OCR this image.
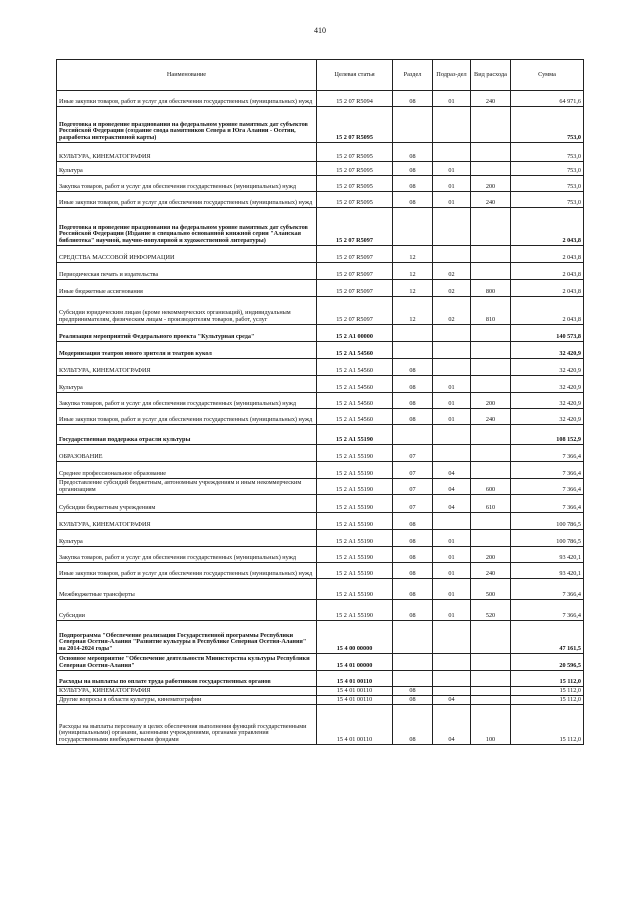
410
Наименование	Целевая статья	Раздел	Подраз-дел	Вид расхода	Сумма
Иные закупки товаров, работ и услуг для обеспечения государственных (муниципальных) нужд	15 2 07 R5094	08	01	240	64 971,6
Подготовка и проведение празднования на федеральном уровне памятных дат субъектов Российской Федерации (создание свода памятников Севера и Юга Алании - Осетии, разработка интерактивной карты)	15 2 07 R5095				753,0
КУЛЬТУРА, КИНЕМАТОГРАФИЯ	15 2 07 R5095	08			753,0
Культура	15 2 07 R5095	08	01		753,0
Закупка товаров, работ и услуг для обеспечения государственных (муниципальных) нужд	15 2 07 R5095	08	01	200	753,0
Иные закупки товаров, работ и услуг для обеспечения государственных (муниципальных) нужд	15 2 07 R5095	08	01	240	753,0
Подготовка и проведение празднования на федеральном уровне памятных дат субъектов Российской Федерации (Издание в специально основанной книжной серии "Аланская библиотека" научной, научно-популярной и художественной литературы)	15 2 07 R5097				2 043,8
СРЕДСТВА МАССОВОЙ ИНФОРМАЦИИ	15 2 07 R5097	12			2 043,8
Периодическая печать и издательства	15 2 07 R5097	12	02		2 043,8
Иные бюджетные ассигнования	15 2 07 R5097	12	02	800	2 043,8
Субсидии юридическим лицам (кроме некоммерческих организаций), индивидуальным предпринимателям, физическим лицам - производителям товаров, работ, услуг	15 2 07 R5097	12	02	810	2 043,8
Реализация мероприятий Федерального проекта "Культурная среда"	15 2 А1 00000				140 573,8
Модернизация театров юного зрителя и театров кукол	15 2 А1 54560				32 420,9
КУЛЬТУРА, КИНЕМАТОГРАФИЯ	15 2 А1 54560	08			32 420,9
Культура	15 2 А1 54560	08	01		32 420,9
Закупка товаров, работ и услуг для обеспечения государственных (муниципальных) нужд	15 2 А1 54560	08	01	200	32 420,9
Иные закупки товаров, работ и услуг для обеспечения государственных (муниципальных) нужд	15 2 А1 54560	08	01	240	32 420,9
Государственная поддержка отрасли культуры	15 2 А1 55190				108 152,9
ОБРАЗОВАНИЕ	15 2 А1 55190	07			7 366,4
Среднее профессиональное образование	15 2 А1 55190	07	04		7 366,4
Предоставление субсидий бюджетным, автономным учреждениям и иным некоммерческим организациям	15 2 А1 55190	07	04	600	7 366,4
Субсидии бюджетным учреждениям	15 2 А1 55190	07	04	610	7 366,4
КУЛЬТУРА, КИНЕМАТОГРАФИЯ	15 2 А1 55190	08			100 786,5
Культура	15 2 А1 55190	08	01		100 786,5
Закупка товаров, работ и услуг для обеспечения государственных (муниципальных) нужд	15 2 А1 55190	08	01	200	93 420,1
Иные закупки товаров, работ и услуг для обеспечения государственных (муниципальных) нужд	15 2 А1 55190	08	01	240	93 420,1
Межбюджетные трансферты	15 2 А1 55190	08	01	500	7 366,4
Субсидии	15 2 А1 55190	08	01	520	7 366,4
Подпрограмма "Обеспечение реализации Государственной программы Республики Северная Осетия-Алания "Развитие культуры в Республике Северная Осетия-Алания" на 2014-2024 годы"	15 4 00 00000				47 161,5
Основное мероприятие "Обеспечение деятельности Министерства культуры Республики Северная Осетия-Алания"	15 4 01 00000				20 596,5
Расходы на выплаты по оплате труда работников государственных органов	15 4 01 00110				15 112,0
КУЛЬТУРА, КИНЕМАТОГРАФИЯ	15 4 01 00110	08			15 112,0
Другие вопросы в области культуры, кинематографии	15 4 01 00110	08	04		15 112,0
Расходы на выплаты персоналу в целях обеспечения выполнения функций государственными (муниципальными) органами, казенными учреждениями, органами управления государственными внебюджетными фондами	15 4 01 00110	08	04	100	15 112,0
